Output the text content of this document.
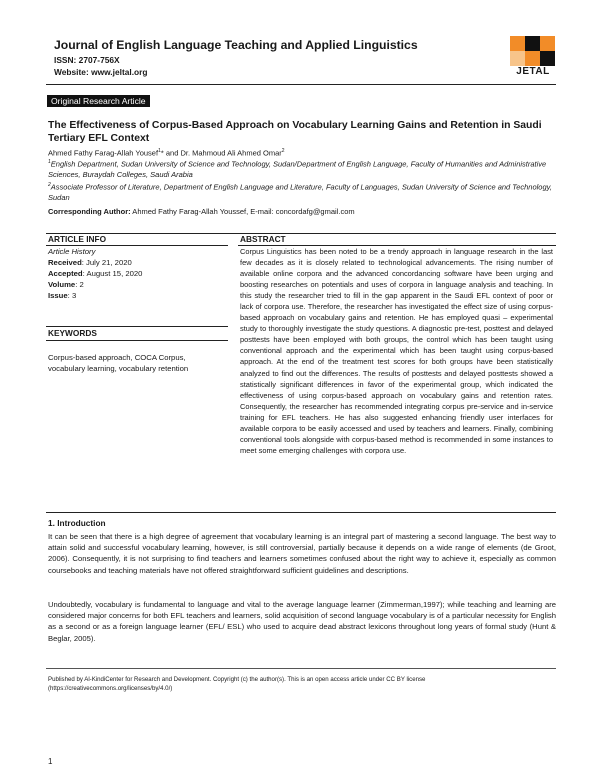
Journal of English Language Teaching and Applied Linguistics
ISSN: 2707-756X
Website: www.jeltal.org	JETAL
Original Research Article
The Effectiveness of Corpus-Based Approach on Vocabulary Learning Gains and Retention in Saudi Tertiary EFL Context
Ahmed Fathy Farag-Allah Yousef$^1$* and Dr. Mahmoud Ali Ahmed Omar$^2$
$^1$English Department, Sudan University of Science and Technology, Sudan/Department of English Language, Faculty of Humanities and Administrative Sciences, Buraydah Colleges, Saudi Arabia
$^2$Associate Professor of Literature, Department of English Language and Literature, Faculty of Languages, Sudan University of Science and Technology, Sudan
Corresponding Author: Ahmed Fathy Farag-Allah Youssef, E-mail: concordafg@gmail.com
ARTICLE INFO	ABSTRACT
Article History
Received: July 21, 2020
Accepted: August 15, 2020
Volume: 2
Issue: 3
KEYWORDS
Corpus-based approach, COCA Corpus, vocabulary learning, vocabulary retention
Corpus Linguistics has been noted to be a trendy approach in language research in the last few decades as it is closely related to technological advancements. The rising number of available online corpora and the advanced concordancing software have been urging and boosting researches on potentials and uses of corpora in language analysis and teaching. In this study the researcher tried to fill in the gap apparent in the Saudi EFL context of poor or lack of corpora use. Therefore, the researcher has investigated the effect size of using corpus-based approach on vocabulary gains and retention. He has employed quasi – experimental study to thoroughly investigate the study questions. A diagnostic pre-test, posttest and delayed posttests have been employed with both groups, the control which has been taught using conventional approach and the experimental which has been taught using corpus-based approach. At the end of the treatment test scores for both groups have been statistically analyzed to find out the differences. The results of posttests and delayed posttests showed a statistically significant differences in favor of the experimental group, which indicated the effectiveness of using corpus-based approach on vocabulary gains and retention rates. Consequently, the researcher has recommended integrating corpus pre-service and in-service training for EFL teachers. He has also suggested enhancing friendly user interfaces for available corpora to be easily accessed and used by teachers and learners. Finally, combining conventional tools alongside with corpus-based method is recommended in some instances to meet some emerging challenges with corpora use.
1. Introduction
It can be seen that there is a high degree of agreement that vocabulary learning is an integral part of mastering a second language. The best way to attain solid and successful vocabulary learning, however, is still controversial, partially because it depends on a wide range of elements (de Groot, 2006). Consequently, it is not surprising to find teachers and learners sometimes confused about the right way to achieve it, especially as common coursebooks and teaching materials have not offered straightforward sufficient guidelines and descriptions.
Undoubtedly, vocabulary is fundamental to language and vital to the average language learner (Zimmerman,1997); while teaching and learning are considered major concerns for both EFL teachers and learners, solid acquisition of second language vocabulary is of a particular necessity for English as a second or as a foreign language learner (EFL/ ESL) who used to acquire dead abstract lexicons throughout long years of formal study (Hunt & Beglar, 2005).
Published by Al-KindiCenter for Research and Development. Copyright (c) the author(s). This is an open access article under CC BY license
(https://creativecommons.org/licenses/by/4.0/)
1
